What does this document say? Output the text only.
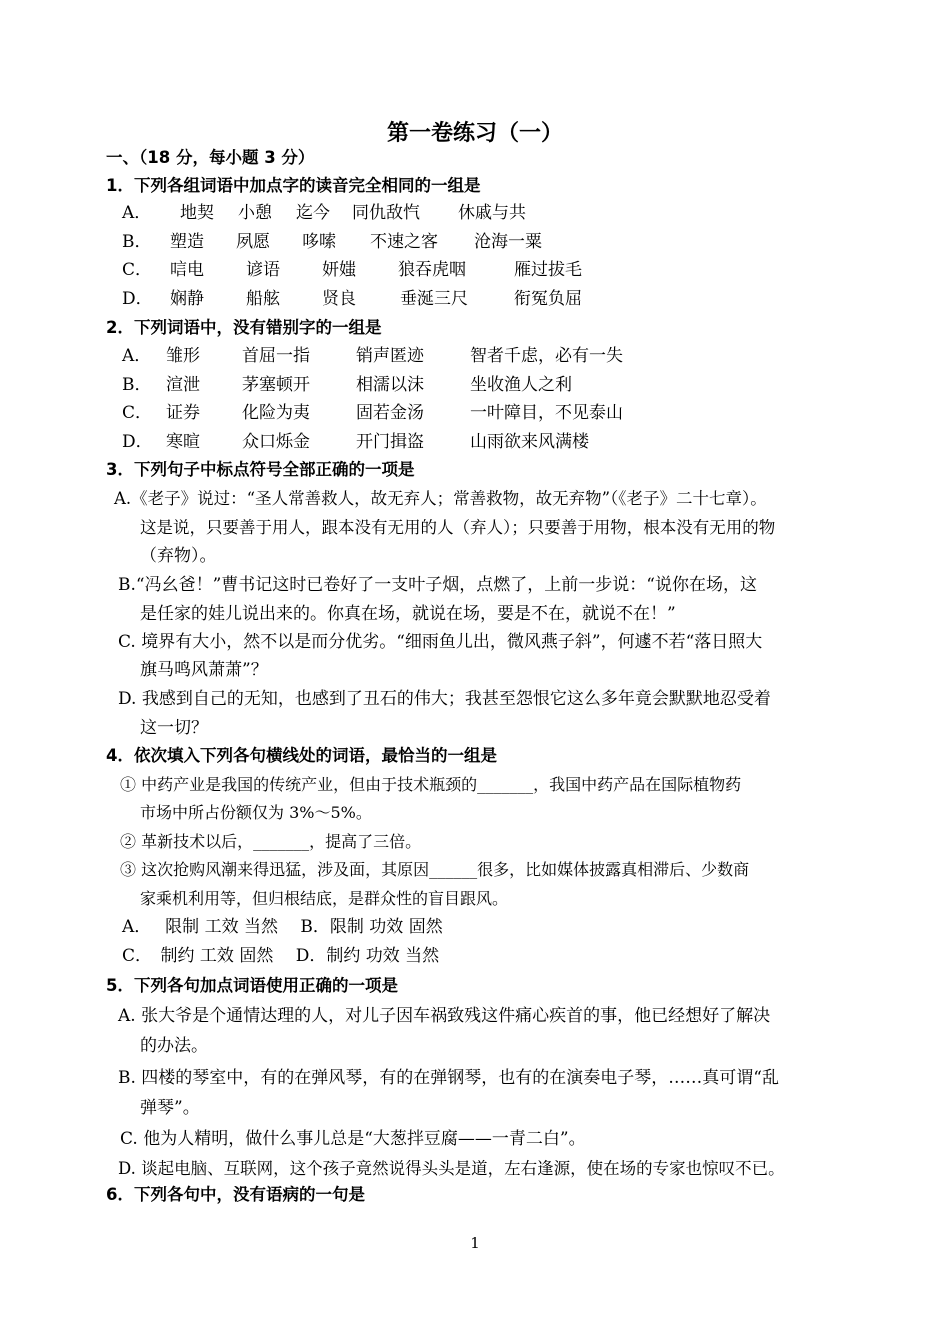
第一卷练习（一）
一、（18 分，每小题 3 分）
1．下列各组词语中加点字的读音完全相同的一组是
A． 地契 小憩 迄今 同仇敌忾 休戚与共
B． 塑造 夙愿 哆嗦 不速之客 沧海一粟
C． 唁电 谚语 妍媸 狼吞虎咽	雁过拔毛
D． 娴静 船舷 贤良	垂涎三尺	衔冤负屈
2．下列词语中，没有错别字的一组是
A． 雏形 首屈一指	销声匿迹	智者千虑，必有一失
B． 渲泄 茅塞顿开	相濡以沫	坐收渔人之利
C． 证券 化险为夷	固若金汤	一叶障目，不见泰山
D． 寒暄 众口烁金	开门揖盗	山雨欲来风满楼
3．下列句子中标点符号全部正确的一项是
A.《老子》说过：“圣人常善救人，故无弃人；常善救物，故无弃物”（《老子》二十七章）。
这是说，只要善于用人，跟本没有无用的人（弃人）；只要善于用物，根本没有无用的物
（弃物）。
B.“冯幺爸！”曹书记这时已卷好了一支叶子烟，点燃了，上前一步说：“说你在场，这
是任家的娃儿说出来的。你真在场，就说在场，要是不在，就说不在！”
C. 境界有大小，然不以是而分优劣。“细雨鱼儿出，微风燕子斜”，何遽不若“落日照大
旗马鸣风萧萧”？
D. 我感到自己的无知，也感到了丑石的伟大；我甚至怨恨它这么多年竟会默默地忍受着
这一切？
4．依次填入下列各句横线处的词语，最恰当的一组是
① 中药产业是我国的传统产业，但由于技术瓶颈的_______，我国中药产品在国际植物药
市场中所占份额仅为 3%～5%。
② 革新技术以后，_______，提高了三倍。
③ 这次抢购风潮来得迅猛，涉及面，其原因______很多，比如媒体披露真相滞后、少数商
家乘机利用等，但归根结底，是群众性的盲目跟风。
A．　 限制 工效 当然　 B．限制 功效 固然
C．　制约 工效 固然　 D．制约 功效 当然
5．下列各句加点词语使用正确的一项是
A. 张大爷是个通情达理的人，对儿子因车祸致残这件痛心疾首的事，他已经想好了解决
的办法。
B. 四楼的琴室中，有的在弹风琴，有的在弹钢琴，也有的在演奏电子琴，……真可谓“乱
弹琴”。
C. 他为人精明，做什么事儿总是“大葱拌豆腐——一青二白”。
D. 谈起电脑、互联网，这个孩子竟然说得头头是道，左右逢源，使在场的专家也惊叹不已。
6．下列各句中，没有语病的一句是
1
